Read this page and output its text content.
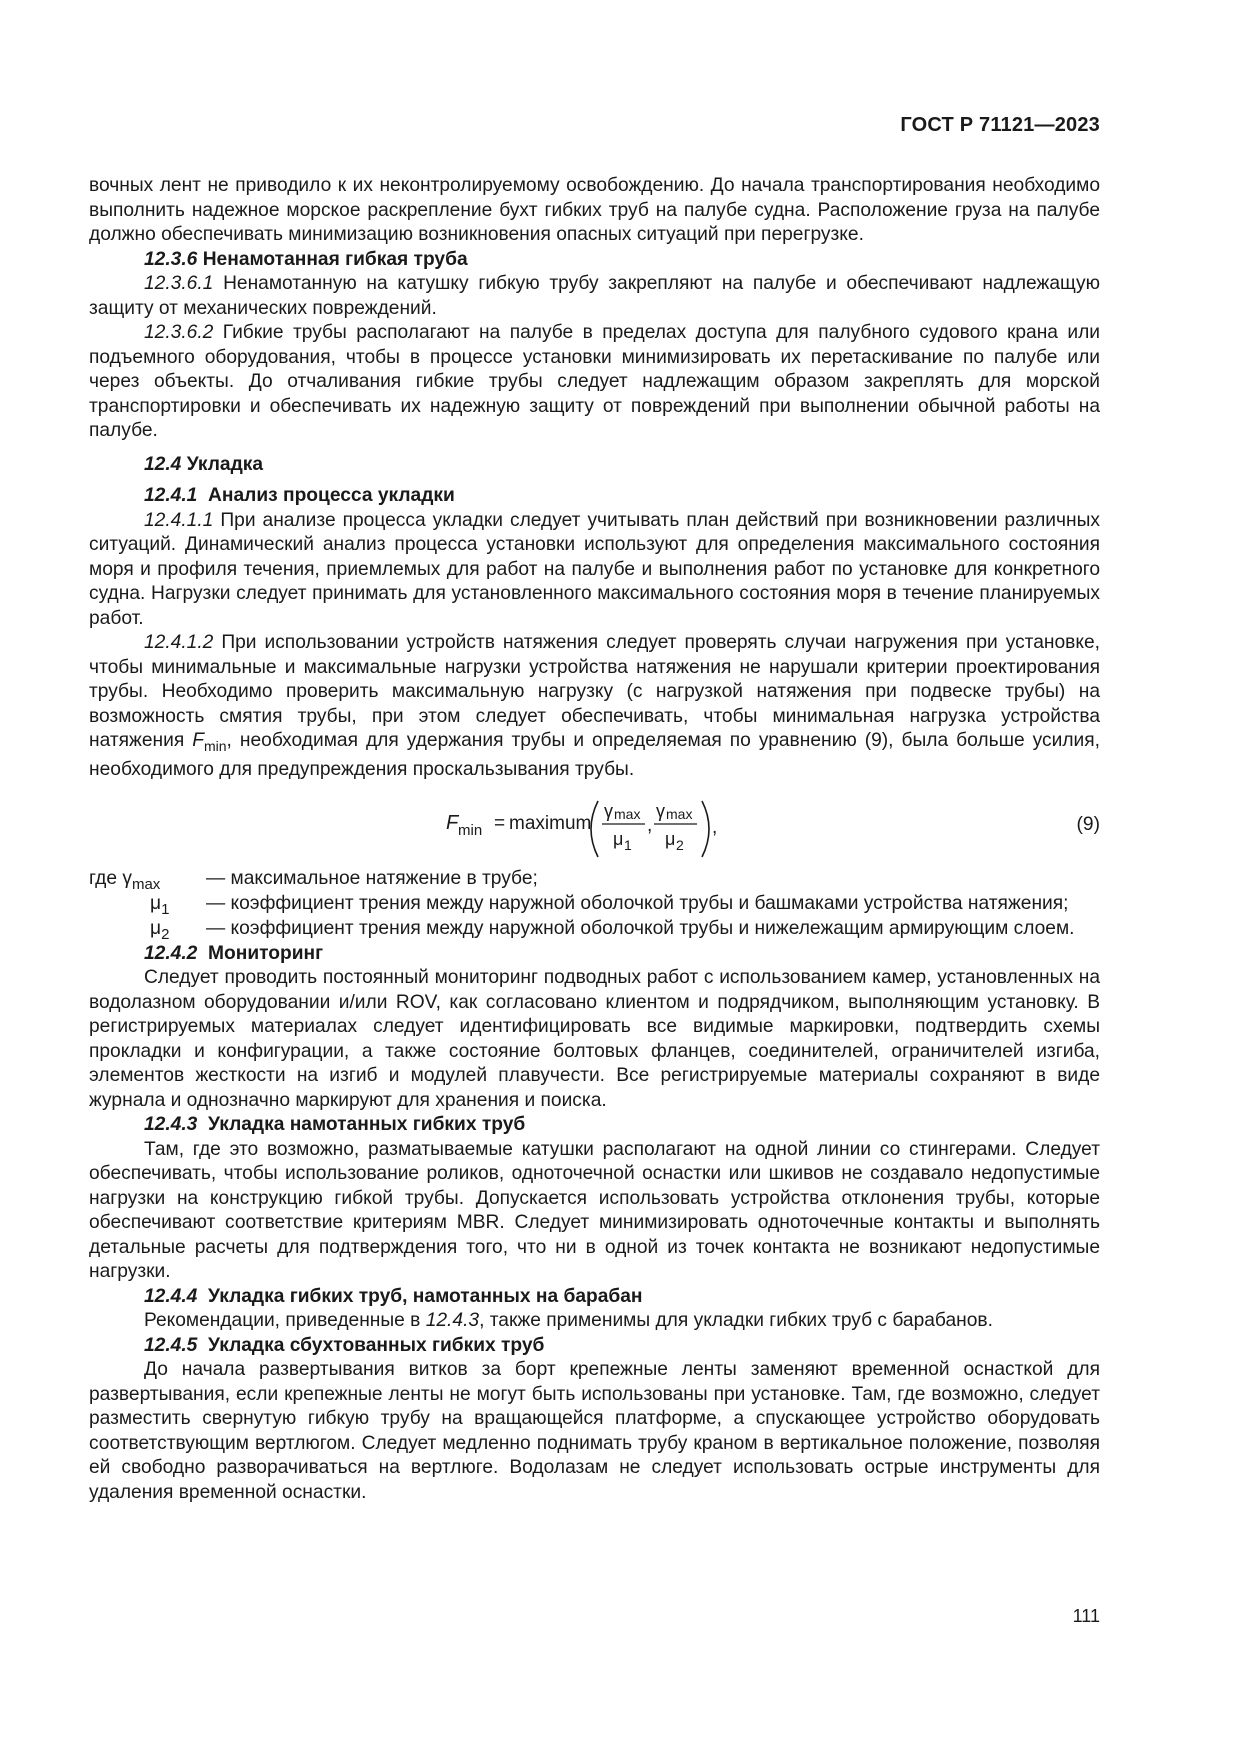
ГОСТ Р 71121—2023

вочных лент не приводило к их неконтролируемому освобождению. До начала транспортирования необходимо выполнить надежное морское раскрепление бухт гибких труб на палубе судна. Расположение груза на палубе должно обеспечивать минимизацию возникновения опасных ситуаций при перегрузке.

12.3.6 Ненамотанная гибкая труба

12.3.6.1 Ненамотанную на катушку гибкую трубу закрепляют на палубе и обеспечивают надлежащую защиту от механических повреждений.

12.3.6.2 Гибкие трубы располагают на палубе в пределах доступа для палубного судового крана или подъемного оборудования, чтобы в процессе установки минимизировать их перетаскивание по палубе или через объекты. До отчаливания гибкие трубы следует надлежащим образом закреплять для морской транспортировки и обеспечивать их надежную защиту от повреждений при выполнении обычной работы на палубе.

12.4 Укладка

12.4.1 Анализ процесса укладки

12.4.1.1 При анализе процесса укладки следует учитывать план действий при возникновении различных ситуаций. Динамический анализ процесса установки используют для определения максимального состояния моря и профиля течения, приемлемых для работ на палубе и выполнения работ по установке для конкретного судна. Нагрузки следует принимать для установленного максимального состояния моря в течение планируемых работ.

12.4.1.2 При использовании устройств натяжения следует проверять случаи нагружения при установке, чтобы минимальные и максимальные нагрузки устройства натяжения не нарушали критерии проектирования трубы. Необходимо проверить максимальную нагрузку (с нагрузкой натяжения при подвеске трубы) на возможность смятия трубы, при этом следует обеспечивать, чтобы минимальная нагрузка устройства натяжения $F_{min}$, необходимая для удержания трубы и определяемая по уравнению (9), была больше усилия, необходимого для предупреждения проскальзывания трубы.

F min = maximum
γ max
μ 1
,
γ max
μ 2
,	(9)
где $\gamma_{max}$ — максимальное натяжение в трубе;
$\mu_1$ — коэффициент трения между наружной оболочкой трубы и башмаками устройства натяжения;
$\mu_2$ — коэффициент трения между наружной оболочкой трубы и нижележащим армирующим слоем.

12.4.2 Мониторинг

Следует проводить постоянный мониторинг подводных работ с использованием камер, установленных на водолазном оборудовании и/или ROV, как согласовано клиентом и подрядчиком, выполняющим установку. В регистрируемых материалах следует идентифицировать все видимые маркировки, подтвердить схемы прокладки и конфигурации, а также состояние болтовых фланцев, соединителей, ограничителей изгиба, элементов жесткости на изгиб и модулей плавучести. Все регистрируемые материалы сохраняют в виде журнала и однозначно маркируют для хранения и поиска.

12.4.3 Укладка намотанных гибких труб

Там, где это возможно, разматываемые катушки располагают на одной линии со стингерами. Следует обеспечивать, чтобы использование роликов, одноточечной оснастки или шкивов не создавало недопустимые нагрузки на конструкцию гибкой трубы. Допускается использовать устройства отклонения трубы, которые обеспечивают соответствие критериям MBR. Следует минимизировать одноточечные контакты и выполнять детальные расчеты для подтверждения того, что ни в одной из точек контакта не возникают недопустимые нагрузки.

12.4.4 Укладка гибких труб, намотанных на барабан

Рекомендации, приведенные в 12.4.3, также применимы для укладки гибких труб с барабанов.

12.4.5 Укладка сбухтованных гибких труб

До начала развертывания витков за борт крепежные ленты заменяют временной оснасткой для развертывания, если крепежные ленты не могут быть использованы при установке. Там, где возможно, следует разместить свернутую гибкую трубу на вращающейся платформе, а спускающее устройство оборудовать соответствующим вертлюгом. Следует медленно поднимать трубу краном в вертикальное положение, позволяя ей свободно разворачиваться на вертлюге. Водолазам не следует использовать острые инструменты для удаления временной оснастки.

111
